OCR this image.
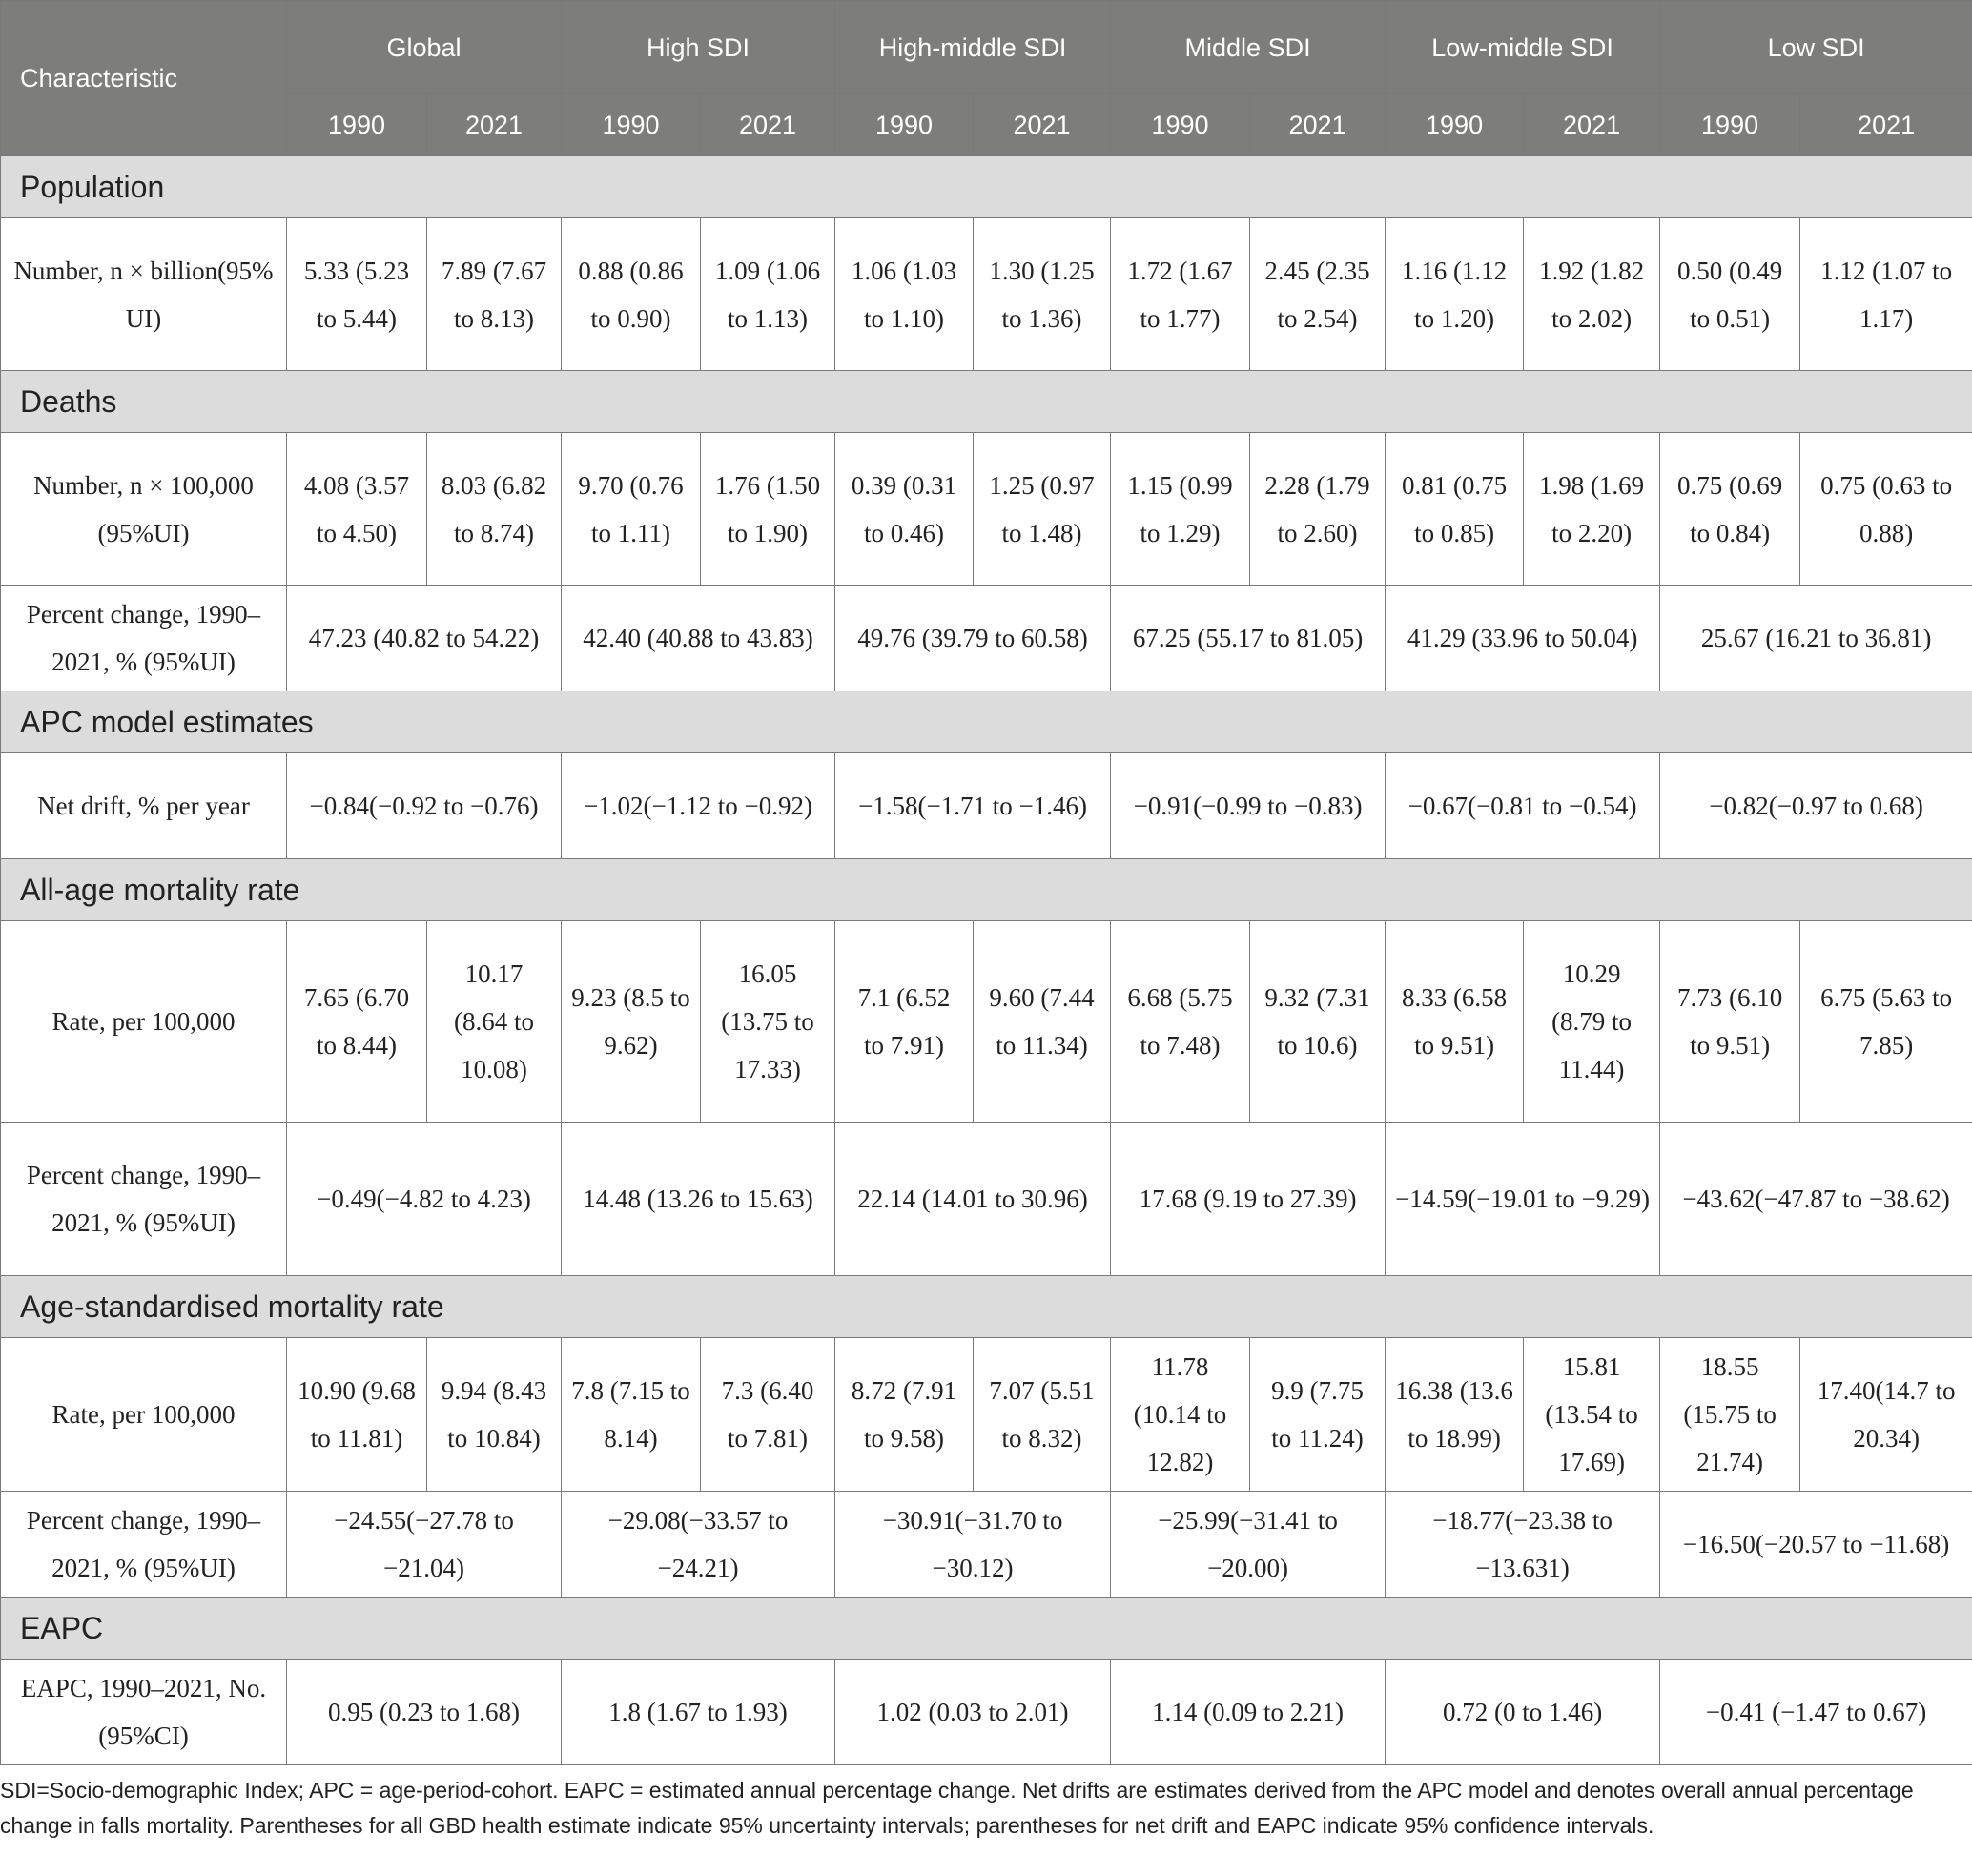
Characteristic	Global		High SDI		High-middle SDI		Middle SDI		Low-middle SDI		Low SDI	
	1990	2021	1990	2021	1990	2021	1990	2021	1990	2021	1990	2021
Population												
Number, n × billion(95% UI)	5.33 (5.23 to 5.44)	7.89 (7.67 to 8.13)	0.88 (0.86 to 0.90)	1.09 (1.06 to 1.13)	1.06 (1.03 to 1.10)	1.30 (1.25 to 1.36)	1.72 (1.67 to 1.77)	2.45 (2.35 to 2.54)	1.16 (1.12 to 1.20)	1.92 (1.82 to 2.02)	0.50 (0.49 to 0.51)	1.12 (1.07 to 1.17)
Deaths												
Number, n × 100,000 (95%UI)	4.08 (3.57 to 4.50)	8.03 (6.82 to 8.74)	9.70 (0.76 to 1.11)	1.76 (1.50 to 1.90)	0.39 (0.31 to 0.46)	1.25 (0.97 to 1.48)	1.15 (0.99 to 1.29)	2.28 (1.79 to 2.60)	0.81 (0.75 to 0.85)	1.98 (1.69 to 2.20)	0.75 (0.69 to 0.84)	0.75 (0.63 to 0.88)
Percent change, 1990–2021, % (95%UI)	47.23 (40.82 to 54.22)		42.40 (40.88 to 43.83)		49.76 (39.79 to 60.58)		67.25 (55.17 to 81.05)		41.29 (33.96 to 50.04)		25.67 (16.21 to 36.81)	
APC model estimates												
Net drift, % per year	−0.84(−0.92 to −0.76)		−1.02(−1.12 to −0.92)		−1.58(−1.71 to −1.46)		−0.91(−0.99 to −0.83)		−0.67(−0.81 to −0.54)		−0.82(−0.97 to 0.68)	
All-age mortality rate												
Rate, per 100,000	7.65 (6.70 to 8.44)	10.17 (8.64 to 10.08)	9.23 (8.5 to 9.62)	16.05 (13.75 to 17.33)	7.1 (6.52 to 7.91)	9.60 (7.44 to 11.34)	6.68 (5.75 to 7.48)	9.32 (7.31 to 10.6)	8.33 (6.58 to 9.51)	10.29 (8.79 to 11.44)	7.73 (6.10 to 9.51)	6.75 (5.63 to 7.85)
Percent change, 1990–2021, % (95%UI)	−0.49(−4.82 to 4.23)		14.48 (13.26 to 15.63)		22.14 (14.01 to 30.96)		17.68 (9.19 to 27.39)		−14.59(−19.01 to −9.29)		−43.62(−47.87 to −38.62)	
Age-standardised mortality rate												
Rate, per 100,000	10.90 (9.68 to 11.81)	9.94 (8.43 to 10.84)	7.8 (7.15 to 8.14)	7.3 (6.40 to 7.81)	8.72 (7.91 to 9.58)	7.07 (5.51 to 8.32)	11.78 (10.14 to 12.82)	9.9 (7.75 to 11.24)	16.38 (13.6 to 18.99)	15.81 (13.54 to 17.69)	18.55 (15.75 to 21.74)	17.40(14.7 to 20.34)
Percent change, 1990–2021, % (95%UI)	−24.55(−27.78 to −21.04)		−29.08(−33.57 to −24.21)		−30.91(−31.70 to −30.12)		−25.99(−31.41 to −20.00)		−18.77(−23.38 to −13.631)		−16.50(−20.57 to −11.68)	
EAPC												
EAPC, 1990–2021, No.(95%CI)	0.95 (0.23 to 1.68)		1.8 (1.67 to 1.93)		1.02 (0.03 to 2.01)		1.14 (0.09 to 2.21)		0.72 (0 to 1.46)		−0.41 (−1.47 to 0.67)	
SDI=Socio-demographic Index; APC = age-period-cohort. EAPC = estimated annual percentage change. Net drifts are estimates derived from the APC model and denotes overall annual percentage change in falls mortality. Parentheses for all GBD health estimate indicate 95% uncertainty intervals; parentheses for net drift and EAPC indicate 95% confidence intervals.
